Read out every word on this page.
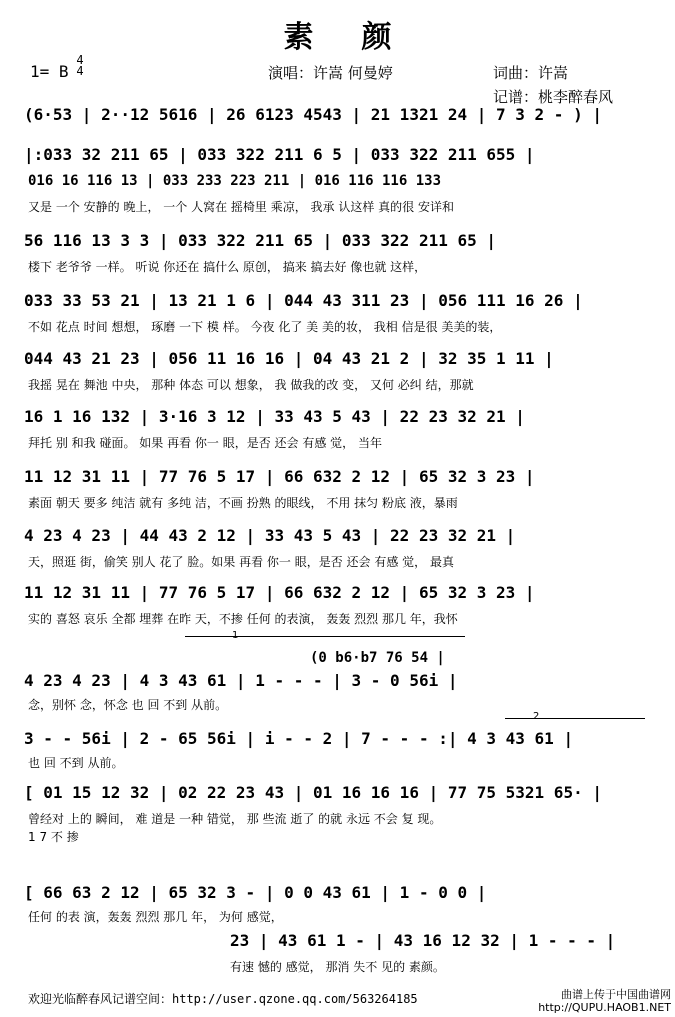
素颜
1= B
4
4	演唱：许嵩 何曼婷	词曲：许嵩
记谱：桃李醉春风
(6·53 | 2··12 5616 | 26 6123 4543 | 21 1321 24 | 7 3 2 - ) |
|:033 32 211 65 | 033 322 211 6 5 | 033 322 211 655 |
016 16 116 13 | 033 233 223 211 | 016 116 116 133
又是 一个 安静的 晚上， 一个 人窝在 摇椅里 乘凉， 我承 认这样 真的很 安详和
56 116 13 3 3 | 033 322 211 65 | 033 322 211 65 |
楼下 老爷爷 一样。 听说 你还在 搞什么 原创， 搞来 搞去好 像也就 这样，
033 33 53 21 | 13 21 1 6 | 044 43 311 23 | 056 111 16 26 |
不如 花点 时间 想想， 琢磨 一下 模 样。 今夜 化了 美 美的妆， 我相 信是很 美美的装，
044 43 21 23 | 056 11 16 16 | 04 43 21 2 | 32 35 1 11 |
我摇 晃在 舞池 中央， 那种 体态 可以 想象， 我 做我的改 变， 又何 必纠 结，那就
16 1 16 132 | 3·16 3 12 | 33 43 5 43 | 22 23 32 21 |
拜托 别 和我 碰面。 如果 再看 你一 眼，是否 还会 有感 觉， 当年
11 12 31 11 | 77 76 5 17 | 66 632 2 12 | 65 32 3 23 |
素面 朝天 要多 纯洁 就有 多纯 洁，不画 扮熟 的眼线， 不用 抹匀 粉底 液，暴雨
4 23 4 23 | 44 43 2 12 | 33 43 5 43 | 22 23 32 21 |
天，照逛 街，偷笑 别人 花了 脸。如果 再看 你一 眼，是否 还会 有感 觉， 最真
11 12 31 11 | 77 76 5 17 | 66 632 2 12 | 65 32 3 23 |
实的 喜怒 哀乐 全都 埋葬 在昨 天，不掺 任何 的表演， 轰轰 烈烈 那几 年，我怀
1
(0 b6·b7 76 54 |
4 23 4 23 | 4 3 43 61 | 1 - - - | 3 - 0 56i |
念，别怀 念，怀念 也 回 不到 从前。
2
3 - - 56i | 2 - 65 56i | i - - 2 | 7 - - - :| 4 3 43 61 |
也 回 不到 从前。
[ 01 15 12 32 | 02 22 23 43 | 01 16 16 16 | 77 75 5321 65· |
曾经对 上的 瞬间， 难 道是 一种 错觉， 那 些流 逝了 的就 永远 不会 复 现。
1 7 不 掺
[ 66 63 2 12 | 65 32 3 - | 0 0 43 61 | 1 - 0 0 |
任何 的表 演，轰轰 烈烈 那几 年， 为何 感觉，
23 | 43 61 1 - | 43 16 12 32 | 1 - - - |
有速 憾的 感觉， 那消 失不 见的 素颜。
欢迎光临醉春风记谱空间：http://user.qzone.qq.com/563264185	曲谱上传于中国曲谱网
http://QUPU.HAOB1.NET
